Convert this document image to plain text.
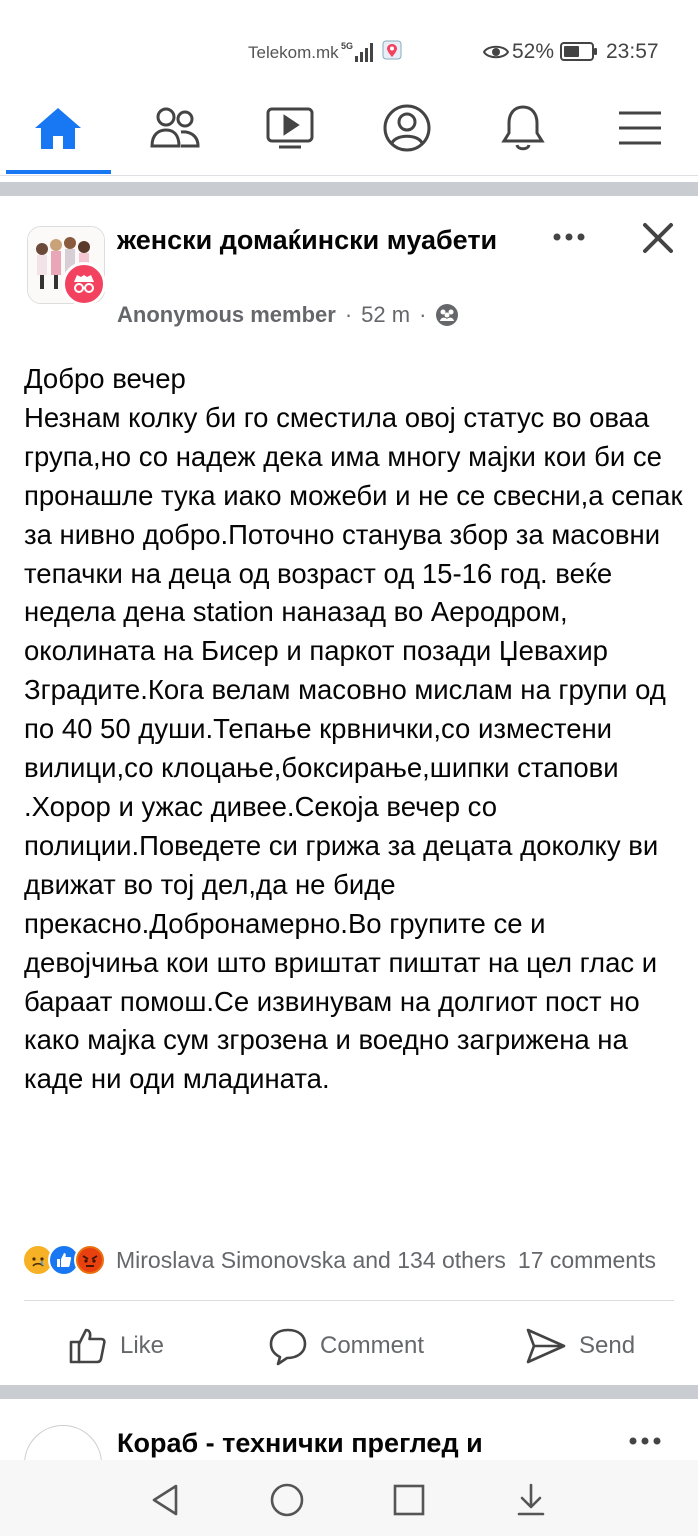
Telekom.mk 5G	52% 23:57
женски домаќински муабети
Anonymous member · 52 m ·
Добро вечер
Незнам колку би го сместила овој статус во оваа група,но со надеж дека има многу мајки кои би се пронашле тука иако можеби и не се свесни,а сепак за нивно добро.Поточно станува збор за масовни тепачки на деца од возраст од 15-16 год. веќе недела дена station наназад во Аеродром, околината на Бисер и паркот позади Џевахир Зградите.Кога велам масовно мислам на групи од по 40 50 души.Тепање крвнички,со изместени вилици,со клоцање,боксирање,шипки стапови .Хорор и ужас дивее.Секоја вечер со полиции.Поведете си грижа за децата доколку ви движат во тој дел,да не биде прекасно.Добронамерно.Во групите се и девојчиња кои што вриштат пиштат на цел глас и бараат помош.Се извинувам на долгиот пост но како мајка сум згрозена и воедно загрижена на каде ни оди младината.
Miroslava Simonovska and 134 others 17 comments
Like	Comment	Send
Кораб - технички преглед и
